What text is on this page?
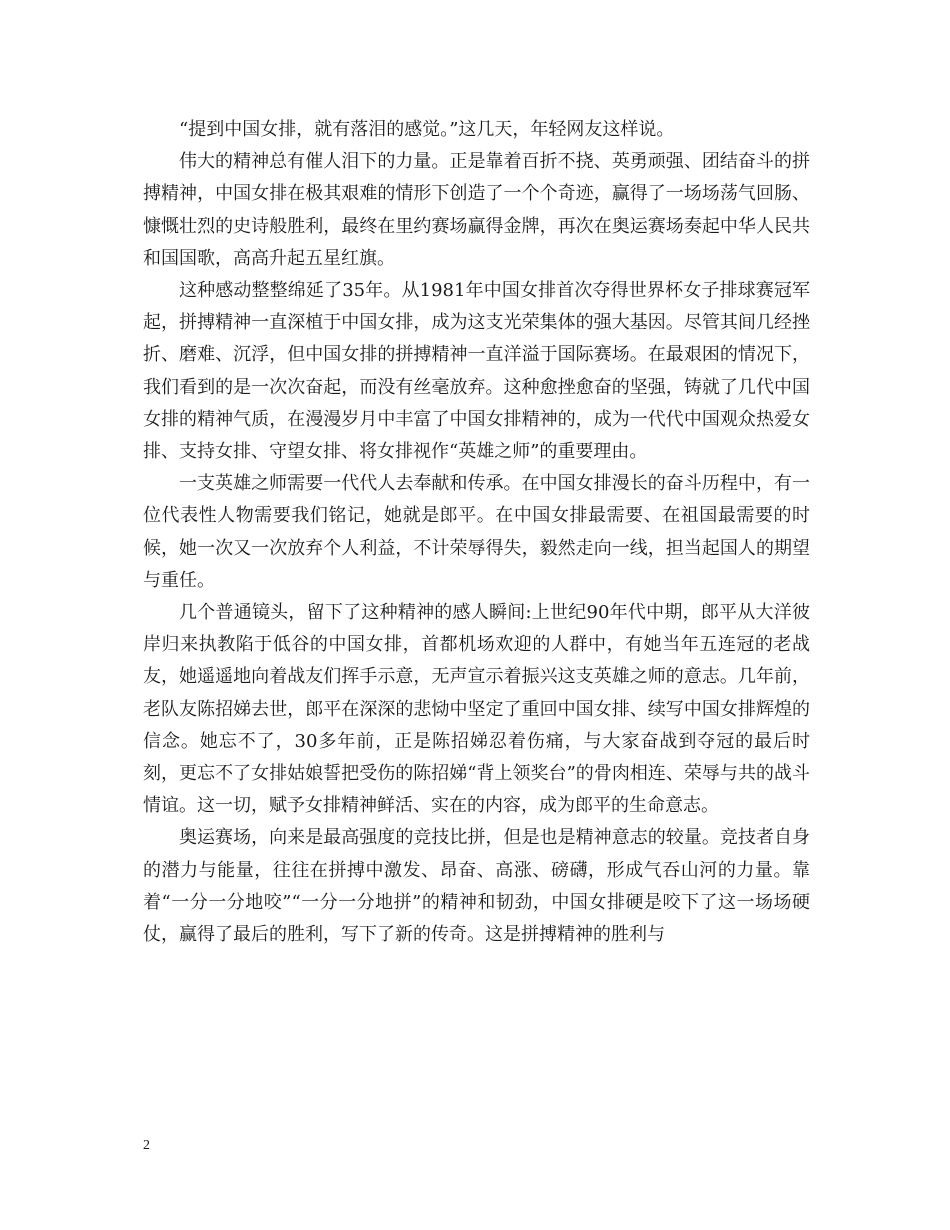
“提到中国女排，就有落泪的感觉。”这几天，年轻网友这样说。

伟大的精神总有催人泪下的力量。正是靠着百折不挠、英勇顽强、团结奋斗的拼搏精神，中国女排在极其艰难的情形下创造了一个个奇迹，赢得了一场场荡气回肠、慷慨壮烈的史诗般胜利，最终在里约赛场赢得金牌，再次在奥运赛场奏起中华人民共和国国歌，高高升起五星红旗。

这种感动整整绵延了35年。从1981年中国女排首次夺得世界杯女子排球赛冠军起，拼搏精神一直深植于中国女排，成为这支光荣集体的强大基因。尽管其间几经挫折、磨难、沉浮，但中国女排的拼搏精神一直洋溢于国际赛场。在最艰困的情况下，我们看到的是一次次奋起，而没有丝毫放弃。这种愈挫愈奋的坚强，铸就了几代中国女排的精神气质，在漫漫岁月中丰富了中国女排精神的，成为一代代中国观众热爱女排、支持女排、守望女排、将女排视作“英雄之师”的重要理由。

一支英雄之师需要一代代人去奉献和传承。在中国女排漫长的奋斗历程中，有一位代表性人物需要我们铭记，她就是郎平。在中国女排最需要、在祖国最需要的时候，她一次又一次放弃个人利益，不计荣辱得失，毅然走向一线，担当起国人的期望与重任。

几个普通镜头，留下了这种精神的感人瞬间:上世纪90年代中期，郎平从大洋彼岸归来执教陷于低谷的中国女排，首都机场欢迎的人群中，有她当年五连冠的老战友，她遥遥地向着战友们挥手示意，无声宣示着振兴这支英雄之师的意志。几年前，老队友陈招娣去世，郎平在深深的悲恸中坚定了重回中国女排、续写中国女排辉煌的信念。她忘不了，30多年前，正是陈招娣忍着伤痛，与大家奋战到夺冠的最后时刻，更忘不了女排姑娘誓把受伤的陈招娣“背上领奖台”的骨肉相连、荣辱与共的战斗情谊。这一切，赋予女排精神鲜活、实在的内容，成为郎平的生命意志。

奥运赛场，向来是最高强度的竞技比拼，但是也是精神意志的较量。竞技者自身的潜力与能量，往往在拼搏中激发、昂奋、高涨、磅礴，形成气吞山河的力量。靠着“一分一分地咬”“一分一分地拼”的精神和韧劲，中国女排硬是咬下了这一场场硬仗，赢得了最后的胜利，写下了新的传奇。这是拼搏精神的胜利与

2
